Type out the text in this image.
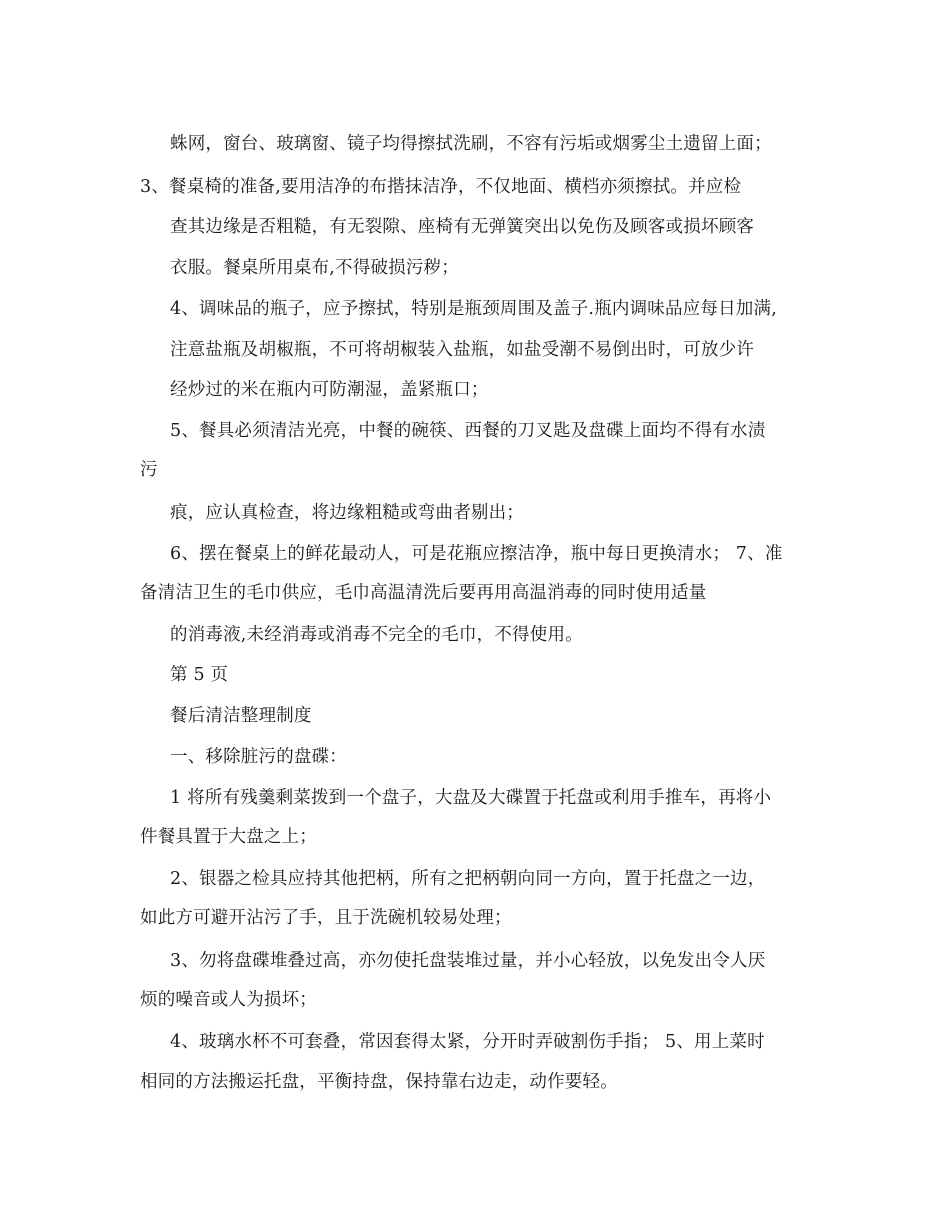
蛛网，窗台、玻璃窗、镜子均得擦拭洗刷，不容有污垢或烟雾尘土遗留上面；
3、餐桌椅的准备,要用洁净的布揩抹洁净，不仅地面、横档亦须擦拭。并应检
查其边缘是否粗糙，有无裂隙、座椅有无弹簧突出以免伤及顾客或损坏顾客
衣服。餐桌所用桌布,不得破损污秽；
4、调味品的瓶子，应予擦拭，特别是瓶颈周围及盖子.瓶内调味品应每日加满,
注意盐瓶及胡椒瓶，不可将胡椒装入盐瓶，如盐受潮不易倒出时，可放少许
经炒过的米在瓶内可防潮湿，盖紧瓶口；
5、餐具必须清洁光亮，中餐的碗筷、西餐的刀叉匙及盘碟上面均不得有水渍
污
痕，应认真检查，将边缘粗糙或弯曲者剔出；
6、摆在餐桌上的鲜花最动人，可是花瓶应擦洁净，瓶中每日更换清水； 7、准
备清洁卫生的毛巾供应，毛巾高温清洗后要再用高温消毒的同时使用适量
的消毒液,未经消毒或消毒不完全的毛巾，不得使用。
第 5 页
餐后清洁整理制度
一、移除脏污的盘碟：
1 将所有残羹剩菜拨到一个盘子，大盘及大碟置于托盘或利用手推车，再将小
件餐具置于大盘之上；
2、银器之检具应持其他把柄，所有之把柄朝向同一方向，置于托盘之一边，
如此方可避开沾污了手，且于洗碗机较易处理；
3、勿将盘碟堆叠过高，亦勿使托盘装堆过量，并小心轻放，以免发出令人厌
烦的噪音或人为损坏；
4、玻璃水杯不可套叠，常因套得太紧，分开时弄破割伤手指； 5、用上菜时
相同的方法搬运托盘，平衡持盘，保持靠右边走，动作要轻。
